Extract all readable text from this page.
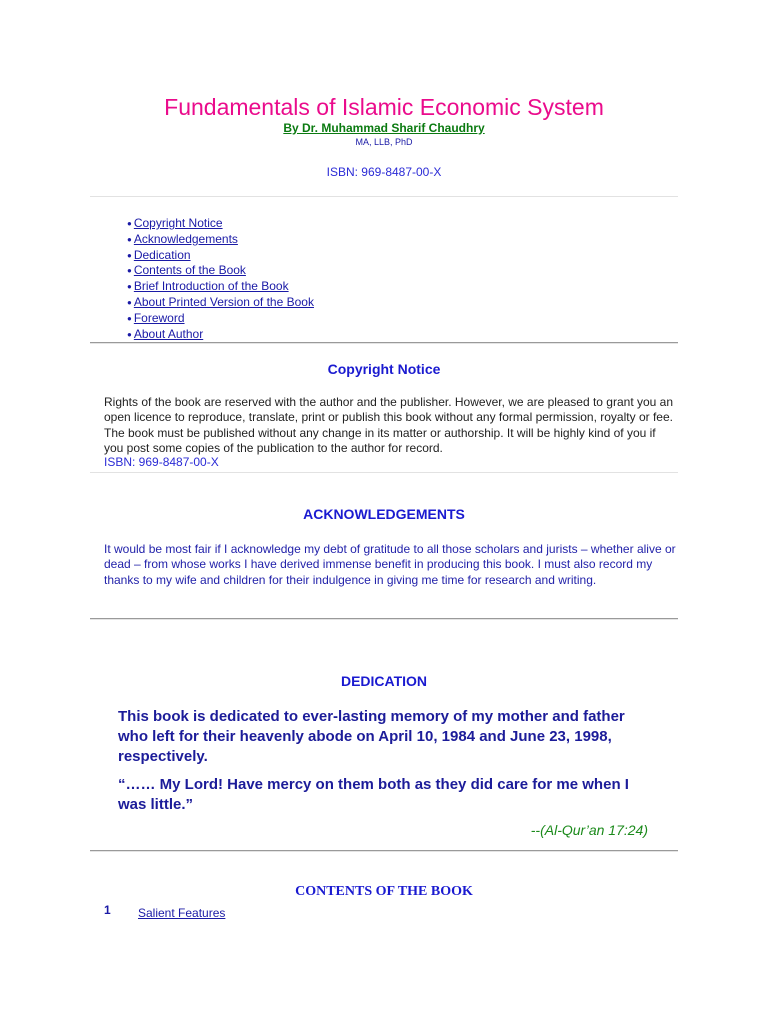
Fundamentals of Islamic Economic System
By Dr. Muhammad Sharif Chaudhry
MA, LLB, PhD
ISBN: 969-8487-00-X
● Copyright Notice
● Acknowledgements
● Dedication
● Contents of the Book
● Brief Introduction of the Book
● About Printed Version of the Book
● Foreword
● About Author
Copyright Notice

Rights of the book are reserved with the author and the publisher. However, we are pleased to grant you an open licence to reproduce, translate, print or publish this book without any formal permission, royalty or fee. The book must be published without any change in its matter or authorship. It will be highly kind of you if you post some copies of the publication to the author for record.

ISBN: 969-8487-00-X
ACKNOWLEDGEMENTS

It would be most fair if I acknowledge my debt of gratitude to all those scholars and jurists – whether alive or dead – from whose works I have derived immense benefit in producing this book. I must also record my thanks to my wife and children for their indulgence in giving me time for research and writing.

DEDICATION

This book is dedicated to ever-lasting memory of my mother and father who left for their heavenly abode on April 10, 1984 and June 23, 1998, respectively.

“…… My Lord! Have mercy on them both as they did care for me when I was little.”

--(Al-Qur’an 17:24)
CONTENTS OF THE BOOK
1 Salient Features
